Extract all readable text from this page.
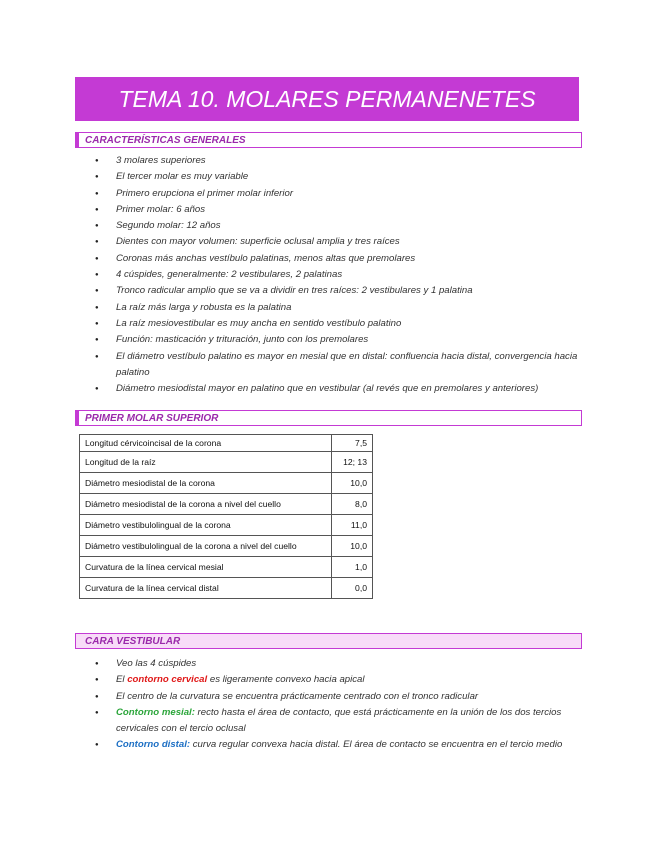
TEMA 10. MOLARES PERMANENETES
CARACTERÍSTICAS GENERALES
● 3 molares superiores
● El tercer molar es muy variable
● Primero erupciona el primer molar inferior
● Primer molar: 6 años
● Segundo molar: 12 años
● Dientes con mayor volumen: superficie oclusal amplia y tres raíces
● Coronas más anchas vestíbulo palatinas, menos altas que premolares
● 4 cúspides, generalmente: 2 vestibulares, 2 palatinas
● Tronco radicular amplio que se va a dividir en tres raíces: 2 vestibulares y 1 palatina
● La raíz más larga y robusta es la palatina
● La raíz mesiovestibular es muy ancha en sentido vestíbulo palatino
● Función: masticación y trituración, junto con los premolares
● El diámetro vestíbulo palatino es mayor en mesial que en distal: confluencia hacia distal, convergencia hacia palatino
● Diámetro mesiodistal mayor en palatino que en vestibular (al revés que en premolares y anteriores)
PRIMER MOLAR SUPERIOR
Longitud cérvicoincisal de la corona	7,5
Longitud de la raíz	12; 13
Diámetro mesiodistal de la corona	10,0
Diámetro mesiodistal de la corona a nivel del cuello	8,0
Diámetro vestibulolingual de la corona	11,0
Diámetro vestibulolingual de la corona a nivel del cuello	10,0
Curvatura de la línea cervical mesial	1,0
Curvatura de la línea cervical distal	0,0
CARA VESTIBULAR
● Veo las 4 cúspides
● El contorno cervical es ligeramente convexo hacia apical
● El centro de la curvatura se encuentra prácticamente centrado con el tronco radicular
● Contorno mesial: recto hasta el área de contacto, que está prácticamente en la unión de los dos tercios cervicales con el tercio oclusal
● Contorno distal: curva regular convexa hacia distal. El área de contacto se encuentra en el tercio medio
